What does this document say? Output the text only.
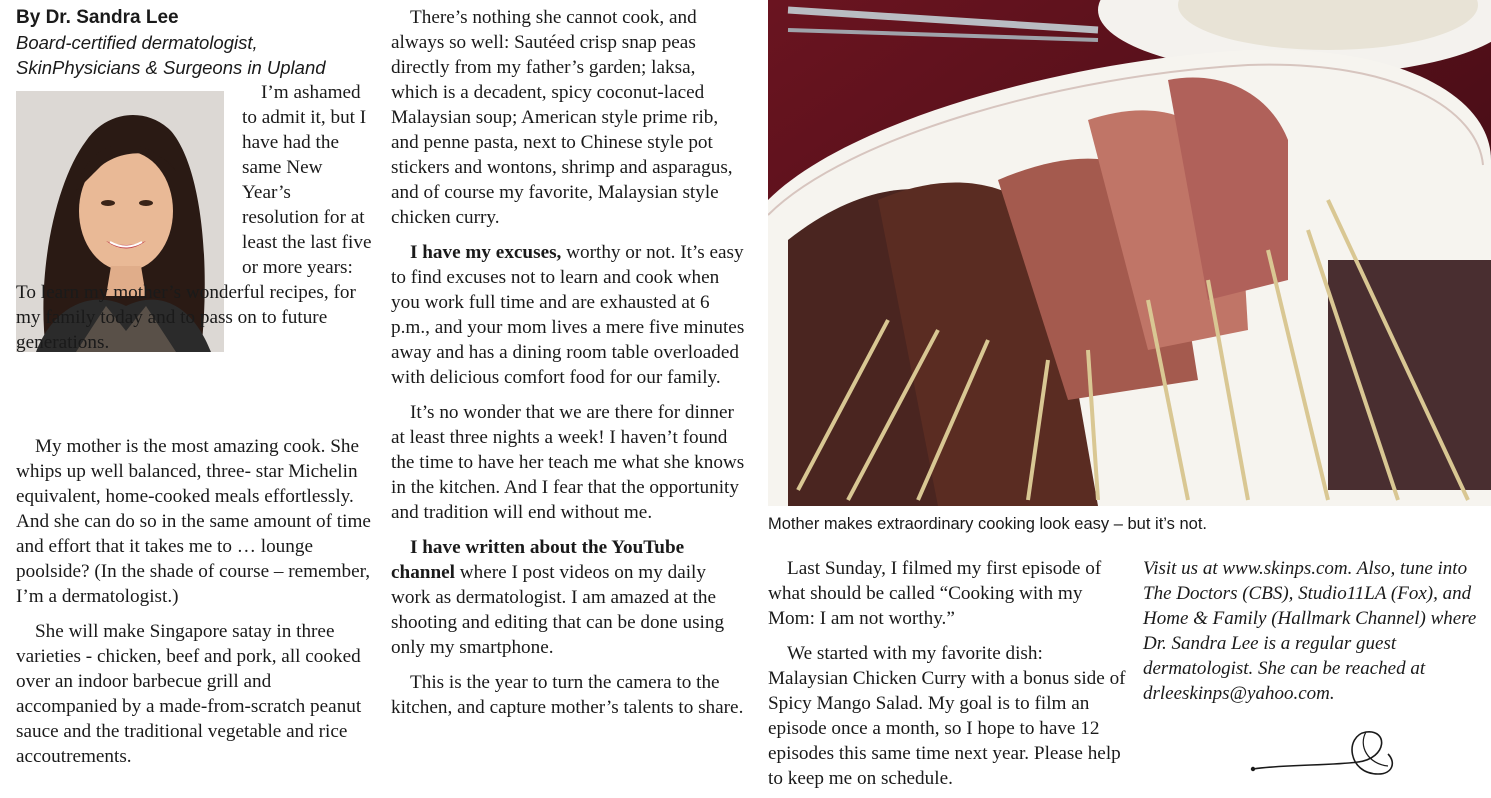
By Dr. Sandra Lee
Board-certified dermatologist,
SkinPhysicians & Surgeons in Upland

I’m ashamed to admit it, but I have had the same New Year’s resolution for at least the last five or more years: To learn my mother’s wonderful recipes, for my family today and to pass on to future generations.

My mother is the most amazing cook. She whips up well balanced, three- star Michelin equivalent, home-cooked meals effortlessly. And she can do so in the same amount of time and effort that it takes me to … lounge poolside? (In the shade of course – remember, I’m a dermatologist.)

She will make Singapore satay in three varieties - chicken, beef and pork, all cooked over an indoor barbecue grill and accompanied by a made-from-scratch peanut sauce and the traditional vegetable and rice accoutrements.

There’s nothing she cannot cook, and always so well: Sautéed crisp snap peas directly from my father’s garden; laksa, which is a decadent, spicy coconut-laced Malaysian soup; American style prime rib, and penne pasta, next to Chinese style pot stickers and wontons, shrimp and asparagus, and of course my favorite, Malaysian style chicken curry.

I have my excuses, worthy or not. It’s easy to find excuses not to learn and cook when you work full time and are exhausted at 6 p.m., and your mom lives a mere five minutes away and has a dining room table overloaded with delicious comfort food for our family.

It’s no wonder that we are there for dinner at least three nights a week! I haven’t found the time to have her teach me what she knows in the kitchen. And I fear that the opportunity and tradition will end without me.

I have written about the YouTube channel where I post videos on my daily work as dermatologist. I am amazed at the shooting and editing that can be done using only my smartphone.

This is the year to turn the camera to the kitchen, and capture mother’s talents to share.

Mother makes extraordinary cooking look easy – but it’s not.

Last Sunday, I filmed my first episode of what should be called “Cooking with my Mom: I am not worthy.”

We started with my favorite dish: Malaysian Chicken Curry with a bonus side of Spicy Mango Salad. My goal is to film an episode once a month, so I hope to have 12 episodes this same time next year. Please help to keep me on schedule.

Visit us at www.skinps.com. Also, tune into The Doctors (CBS), Studio11LA (Fox), and Home & Family (Hallmark Channel) where Dr. Sandra Lee is a regular guest dermatologist. She can be reached at drleeskinps@yahoo.com.
